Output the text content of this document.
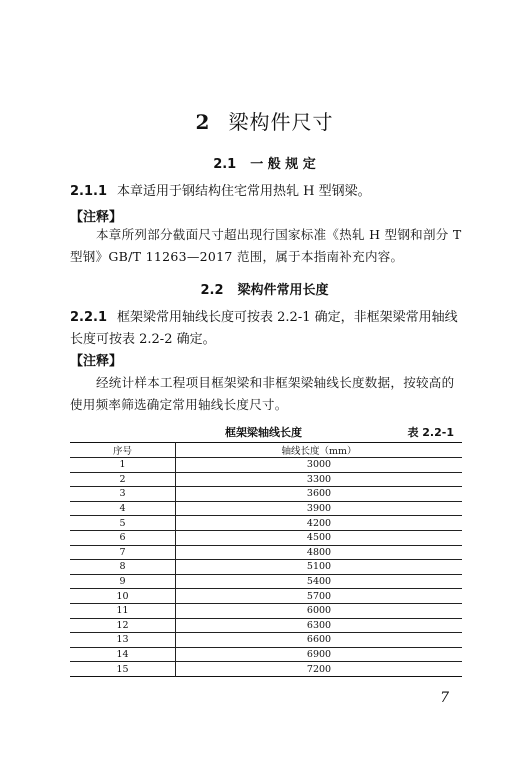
2 梁构件尺寸
2.1 一 般 规 定
2.1.1 本章适用于钢结构住宅常用热轧 H 型钢梁。
【注释】
本章所列部分截面尺寸超出现行国家标准《热轧 H 型钢和剖分 T 型钢》GB/T 11263—2017 范围，属于本指南补充内容。
2.2 梁构件常用长度
2.2.1 框架梁常用轴线长度可按表 2.2-1 确定，非框架梁常用轴线长度可按表 2.2-2 确定。
【注释】
经统计样本工程项目框架梁和非框架梁轴线长度数据，按较高的使用频率筛选确定常用轴线长度尺寸。
框架梁轴线长度	表 2.2-1
序号	轴线长度（mm）
1	3000
2	3300
3	3600
4	3900
5	4200
6	4500
7	4800
8	5100
9	5400
10	5700
11	6000
12	6300
13	6600
14	6900
15	7200
7
